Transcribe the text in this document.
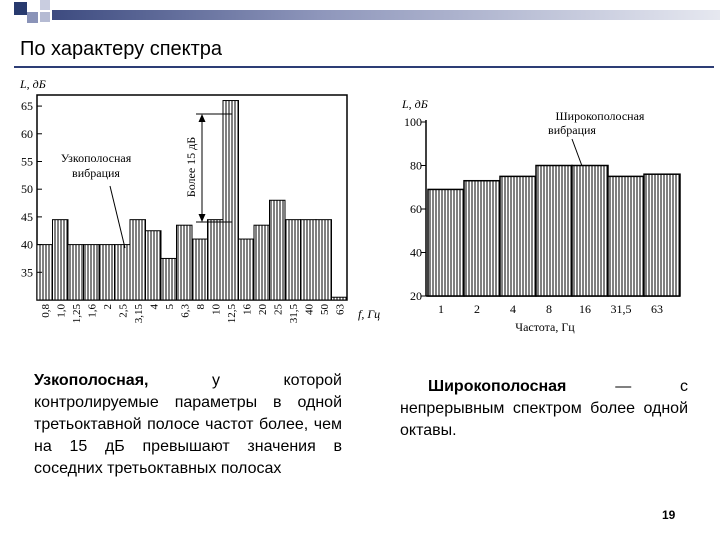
По характеру спектра
35
40
45
50
55
60
65
0,8 1,0 1,25 1,6 2 2,5 3,15 4 5 6,3 8 10 12,5 16 20 25 31,5 40 50 63
L, дБ
f, Гц
Узкополосная
вибрация	Более 15 дБ
20
40
60
80
100
1	2	4	8 16 31,5 63
L, дБ
Частота, Гц
Широкополосная
вибрация
Узкополосная, у которой контролируемые параметры в одной третьоктавной полосе частот более, чем на 15 дБ превышают значения в соседних третьоктавных полосах
Широкополосная — с непрерывным спектром более одной октавы.
19
